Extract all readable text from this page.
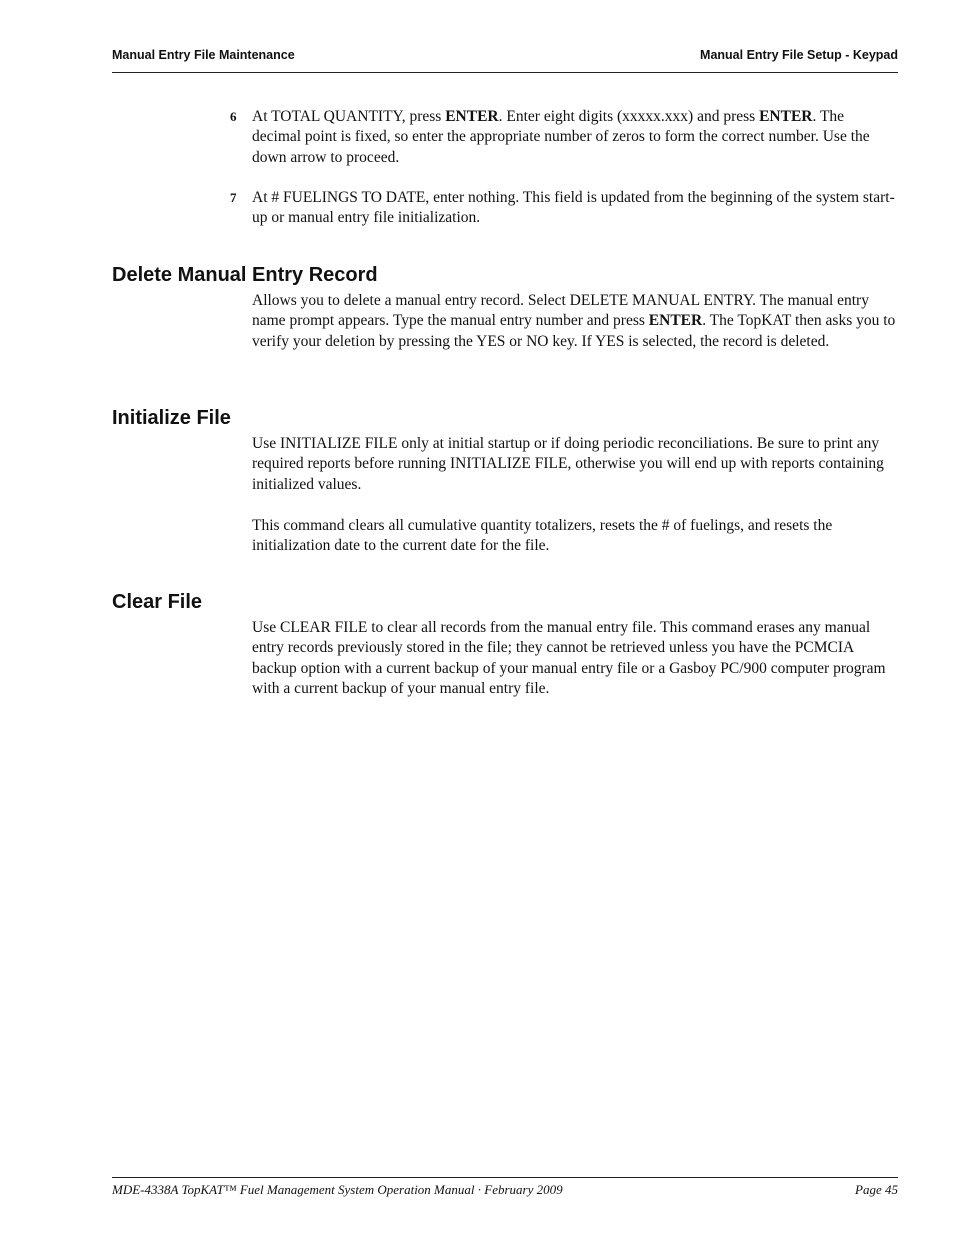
Manual Entry File Maintenance	Manual Entry File Setup - Keypad
6 At TOTAL QUANTITY, press ENTER. Enter eight digits (xxxxx.xxx) and press ENTER. The decimal point is fixed, so enter the appropriate number of zeros to form the correct number. Use the down arrow to proceed.
7 At # FUELINGS TO DATE, enter nothing. This field is updated from the beginning of the system start-up or manual entry file initialization.
Delete Manual Entry Record
Allows you to delete a manual entry record. Select DELETE MANUAL ENTRY. The manual entry name prompt appears. Type the manual entry number and press ENTER. The TopKAT then asks you to verify your deletion by pressing the YES or NO key. If YES is selected, the record is deleted.
Initialize File
Use INITIALIZE FILE only at initial startup or if doing periodic reconciliations. Be sure to print any required reports before running INITIALIZE FILE, otherwise you will end up with reports containing initialized values.
This command clears all cumulative quantity totalizers, resets the # of fuelings, and resets the initialization date to the current date for the file.
Clear File
Use CLEAR FILE to clear all records from the manual entry file. This command erases any manual entry records previously stored in the file; they cannot be retrieved unless you have the PCMCIA backup option with a current backup of your manual entry file or a Gasboy PC/900 computer program with a current backup of your manual entry file.
MDE-4338A TopKAT™ Fuel Management System Operation Manual · February 2009	Page 45
